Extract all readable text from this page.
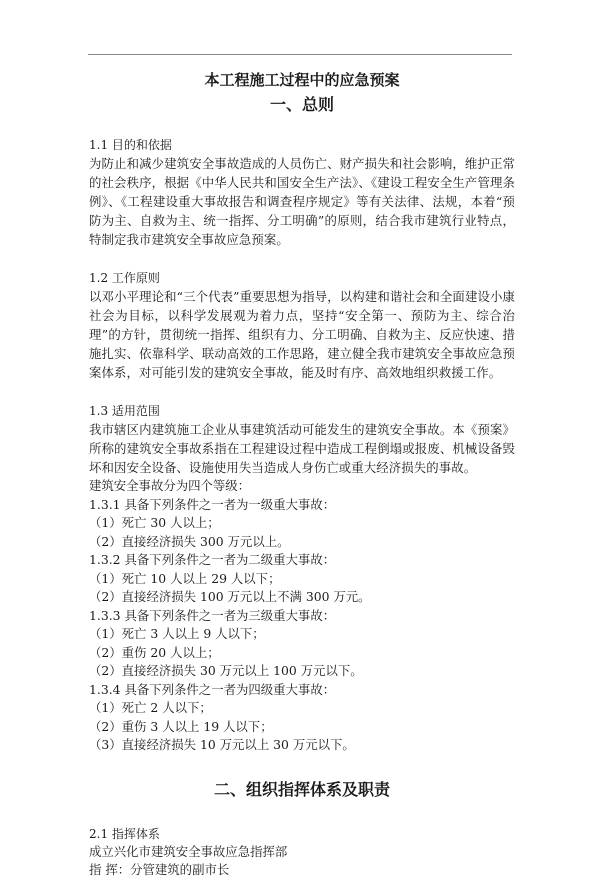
本工程施工过程中的应急预案

一、总则

1.1 目的和依据

为防止和减少建筑安全事故造成的人员伤亡、财产损失和社会影响，维护正常的社会秩序，根据《中华人民共和国安全生产法》、《建设工程安全生产管理条例》、《工程建设重大事故报告和调查程序规定》等有关法律、法规，本着“预防为主、自救为主、统一指挥、分工明确”的原则，结合我市建筑行业特点，特制定我市建筑安全事故应急预案。

1.2 工作原则

以邓小平理论和“三个代表”重要思想为指导，以构建和谐社会和全面建设小康社会为目标，以科学发展观为着力点，坚持“安全第一、预防为主、综合治理”的方针，贯彻统一指挥、组织有力、分工明确、自救为主、反应快速、措施扎实、依靠科学、联动高效的工作思路，建立健全我市建筑安全事故应急预案体系，对可能引发的建筑安全事故，能及时有序、高效地组织救援工作。

1.3 适用范围

我市辖区内建筑施工企业从事建筑活动可能发生的建筑安全事故。本《预案》所称的建筑安全事故系指在工程建设过程中造成工程倒塌或报废、机械设备毁坏和因安全设备、设施使用失当造成人身伤亡或重大经济损失的事故。

建筑安全事故分为四个等级：

1.3.1 具备下列条件之一者为一级重大事故：

（1）死亡 30 人以上；

（2）直接经济损失 300 万元以上。

1.3.2 具备下列条件之一者为二级重大事故：

（1）死亡 10 人以上 29 人以下；

（2）直接经济损失 100 万元以上不满 300 万元。

1.3.3 具备下列条件之一者为三级重大事故：

（1）死亡 3 人以上 9 人以下；

（2）重伤 20 人以上；

（2）直接经济损失 30 万元以上 100 万元以下。

1.3.4 具备下列条件之一者为四级重大事故：

（1）死亡 2 人以下；

（2）重伤 3 人以上 19 人以下；

（3）直接经济损失 10 万元以上 30 万元以下。

二、组织指挥体系及职责

2.1 指挥体系

成立兴化市建筑安全事故应急指挥部

指 挥：分管建筑的副市长
